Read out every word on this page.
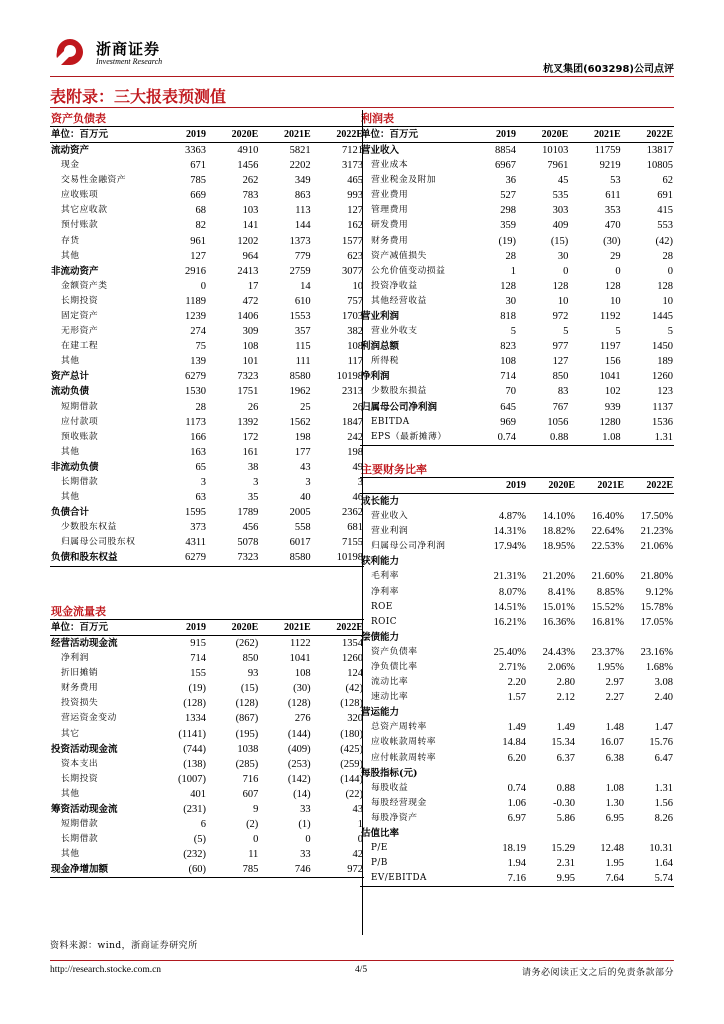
浙商证券
Investment Research
杭叉集团(603298)公司点评
表附录：三大报表预测值
资产负债表
单位：百万元	2019	2020E	2021E	2022E
流动资产	3363	4910	5821	7121
现金	671	1456	2202	3173
交易性金融资产	785	262	349	465
应收账项	669	783	863	993
其它应收款	68	103	113	127
预付账款	82	141	144	162
存货	961	1202	1373	1577
其他	127	964	779	623
非流动资产	2916	2413	2759	3077
金额资产类	0	17	14	10
长期投资	1189	472	610	757
固定资产	1239	1406	1553	1703
无形资产	274	309	357	382
在建工程	75	108	115	108
其他	139	101	111	117
资产总计	6279	7323	8580	10198
流动负债	1530	1751	1962	2313
短期借款	28	26	25	26
应付款项	1173	1392	1562	1847
预收账款	166	172	198	242
其他	163	161	177	198
非流动负债	65	38	43	49
长期借款	3	3	3	3
其他	63	35	40	46
负债合计	1595	1789	2005	2362
少数股东权益	373	456	558	681
归属母公司股东权	4311	5078	6017	7155
负债和股东权益	6279	7323	8580	10198
现金流量表
单位：百万元	2019	2020E	2021E	2022E
经营活动现金流	915	(262)	1122	1354
净利润	714	850	1041	1260
折旧摊销	155	93	108	124
财务费用	(19)	(15)	(30)	(42)
投资损失	(128)	(128)	(128)	(128)
营运资金变动	1334	(867)	276	320
其它	(1141)	(195)	(144)	(180)
投资活动现金流	(744)	1038	(409)	(425)
资本支出	(138)	(285)	(253)	(259)
长期投资	(1007)	716	(142)	(144)
其他	401	607	(14)	(22)
筹资活动现金流	(231)	9	33	43
短期借款	6	(2)	(1)	1
长期借款	(5)	0	0	0
其他	(232)	11	33	42
现金净增加额	(60)	785	746	972
利润表
单位：百万元	2019	2020E	2021E	2022E
营业收入	8854	10103	11759	13817
营业成本	6967	7961	9219	10805
营业税金及附加	36	45	53	62
营业费用	527	535	611	691
管理费用	298	303	353	415
研发费用	359	409	470	553
财务费用	(19)	(15)	(30)	(42)
资产减值损失	28	30	29	28
公允价值变动损益	1	0	0	0
投资净收益	128	128	128	128
其他经营收益	30	10	10	10
营业利润	818	972	1192	1445
营业外收支	5	5	5	5
利润总额	823	977	1197	1450
所得税	108	127	156	189
净利润	714	850	1041	1260
少数股东损益	70	83	102	123
归属母公司净利润	645	767	939	1137
EBITDA	969	1056	1280	1536
EPS（最新摊薄）	0.74	0.88	1.08	1.31
主要财务比率
	2019	2020E	2021E	2022E
成长能力				
营业收入	4.87%	14.10%	16.40%	17.50%
营业利润	14.31%	18.82%	22.64%	21.23%
归属母公司净利润	17.94%	18.95%	22.53%	21.06%
获利能力				
毛利率	21.31%	21.20%	21.60%	21.80%
净利率	8.07%	8.41%	8.85%	9.12%
ROE	14.51%	15.01%	15.52%	15.78%
ROIC	16.21%	16.36%	16.81%	17.05%
偿债能力				
资产负债率	25.40%	24.43%	23.37%	23.16%
净负债比率	2.71%	2.06%	1.95%	1.68%
流动比率	2.20	2.80	2.97	3.08
速动比率	1.57	2.12	2.27	2.40
营运能力				
总资产周转率	1.49	1.49	1.48	1.47
应收帐款周转率	14.84	15.34	16.07	15.76
应付帐款周转率	6.20	6.37	6.38	6.47
每股指标(元)				
每股收益	0.74	0.88	1.08	1.31
每股经营现金	1.06	-0.30	1.30	1.56
每股净资产	6.97	5.86	6.95	8.26
估值比率				
P/E	18.19	15.29	12.48	10.31
P/B	1.94	2.31	1.95	1.64
EV/EBITDA	7.16	9.95	7.64	5.74
资料来源：wind，浙商证券研究所
http://research.stocke.com.cn	4/5	请务必阅读正文之后的免责条款部分
